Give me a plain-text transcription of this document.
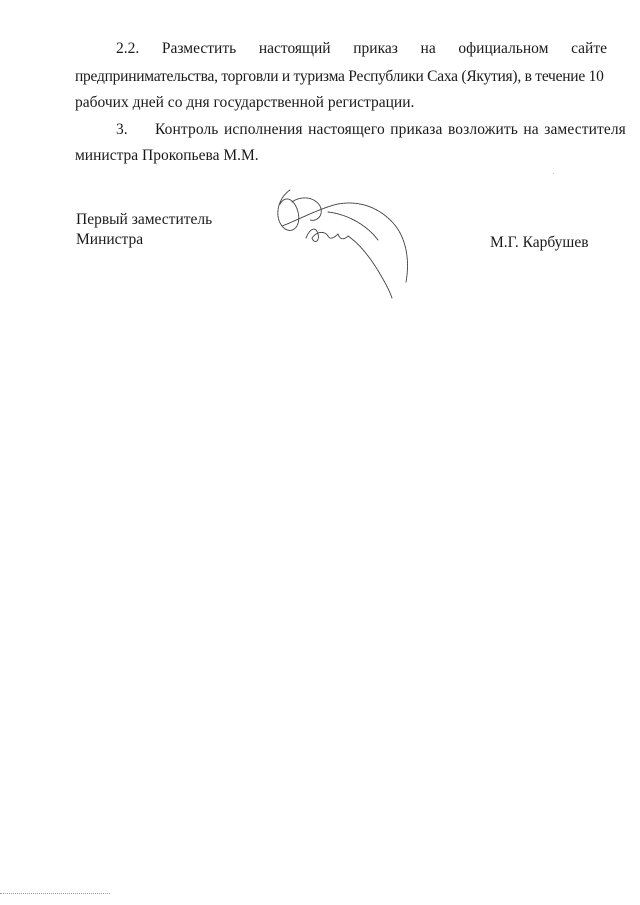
2.2. Разместить настоящий приказ на официальном сайте
предпринимательства, торговли и туризма Республики Саха (Якутия), в течение 10
рабочих дней со дня государственной регистрации.
3. Контроль исполнения настоящего приказа возложить на заместителя
министра Прокопьева М.М.
Первый заместитель
Министра	М.Г. Карбушев
